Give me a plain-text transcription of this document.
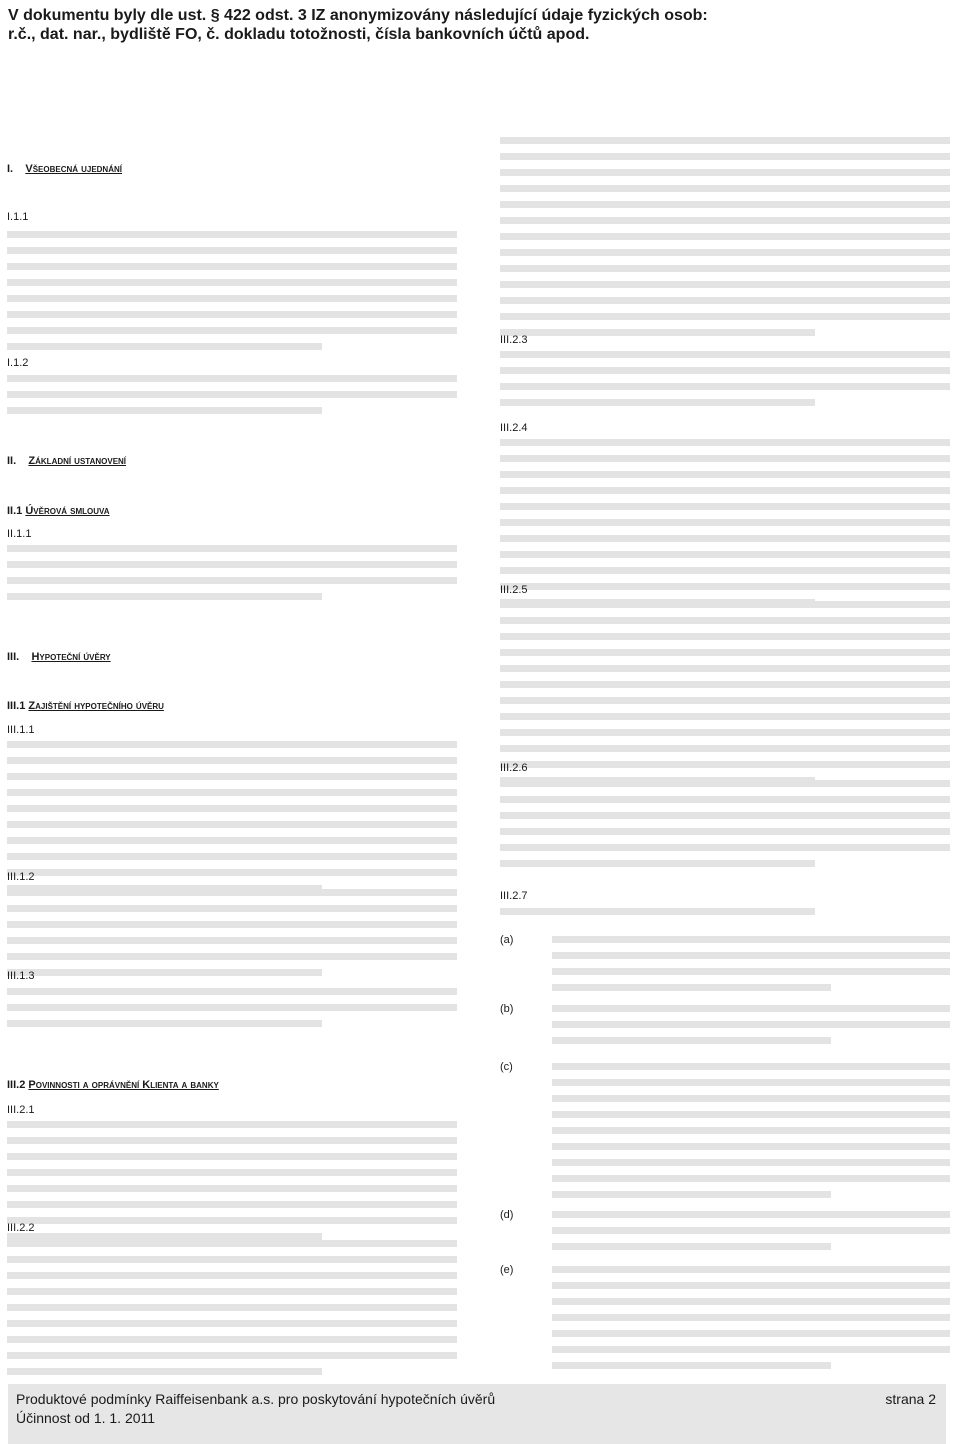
V dokumentu byly dle ust. § 422 odst. 3 IZ anonymizovány následující údaje fyzických osob:
r.č., dat. nar., bydliště FO, č. dokladu totožnosti, čísla bankovních účtů apod.
I. Všeobecná ujednání
I.1.1
I.1.2
II. Základní ustanovení
II.1 Úvěrová smlouva
II.1.1
III. Hypoteční úvěry
III.1 Zajištění hypotečního úvěru
III.1.1
III.1.2
III.1.3
III.2 Povinnosti a oprávnění Klienta a banky
III.2.1
III.2.2
III.2.3
III.2.4
III.2.5
III.2.6
III.2.7
(a)
(b)
(c)
(d)
(e)
Produktové podmínky Raiffeisenbank a.s. pro poskytování hypotečních úvěrů
Účinnost od 1. 1. 2011
strana 2
